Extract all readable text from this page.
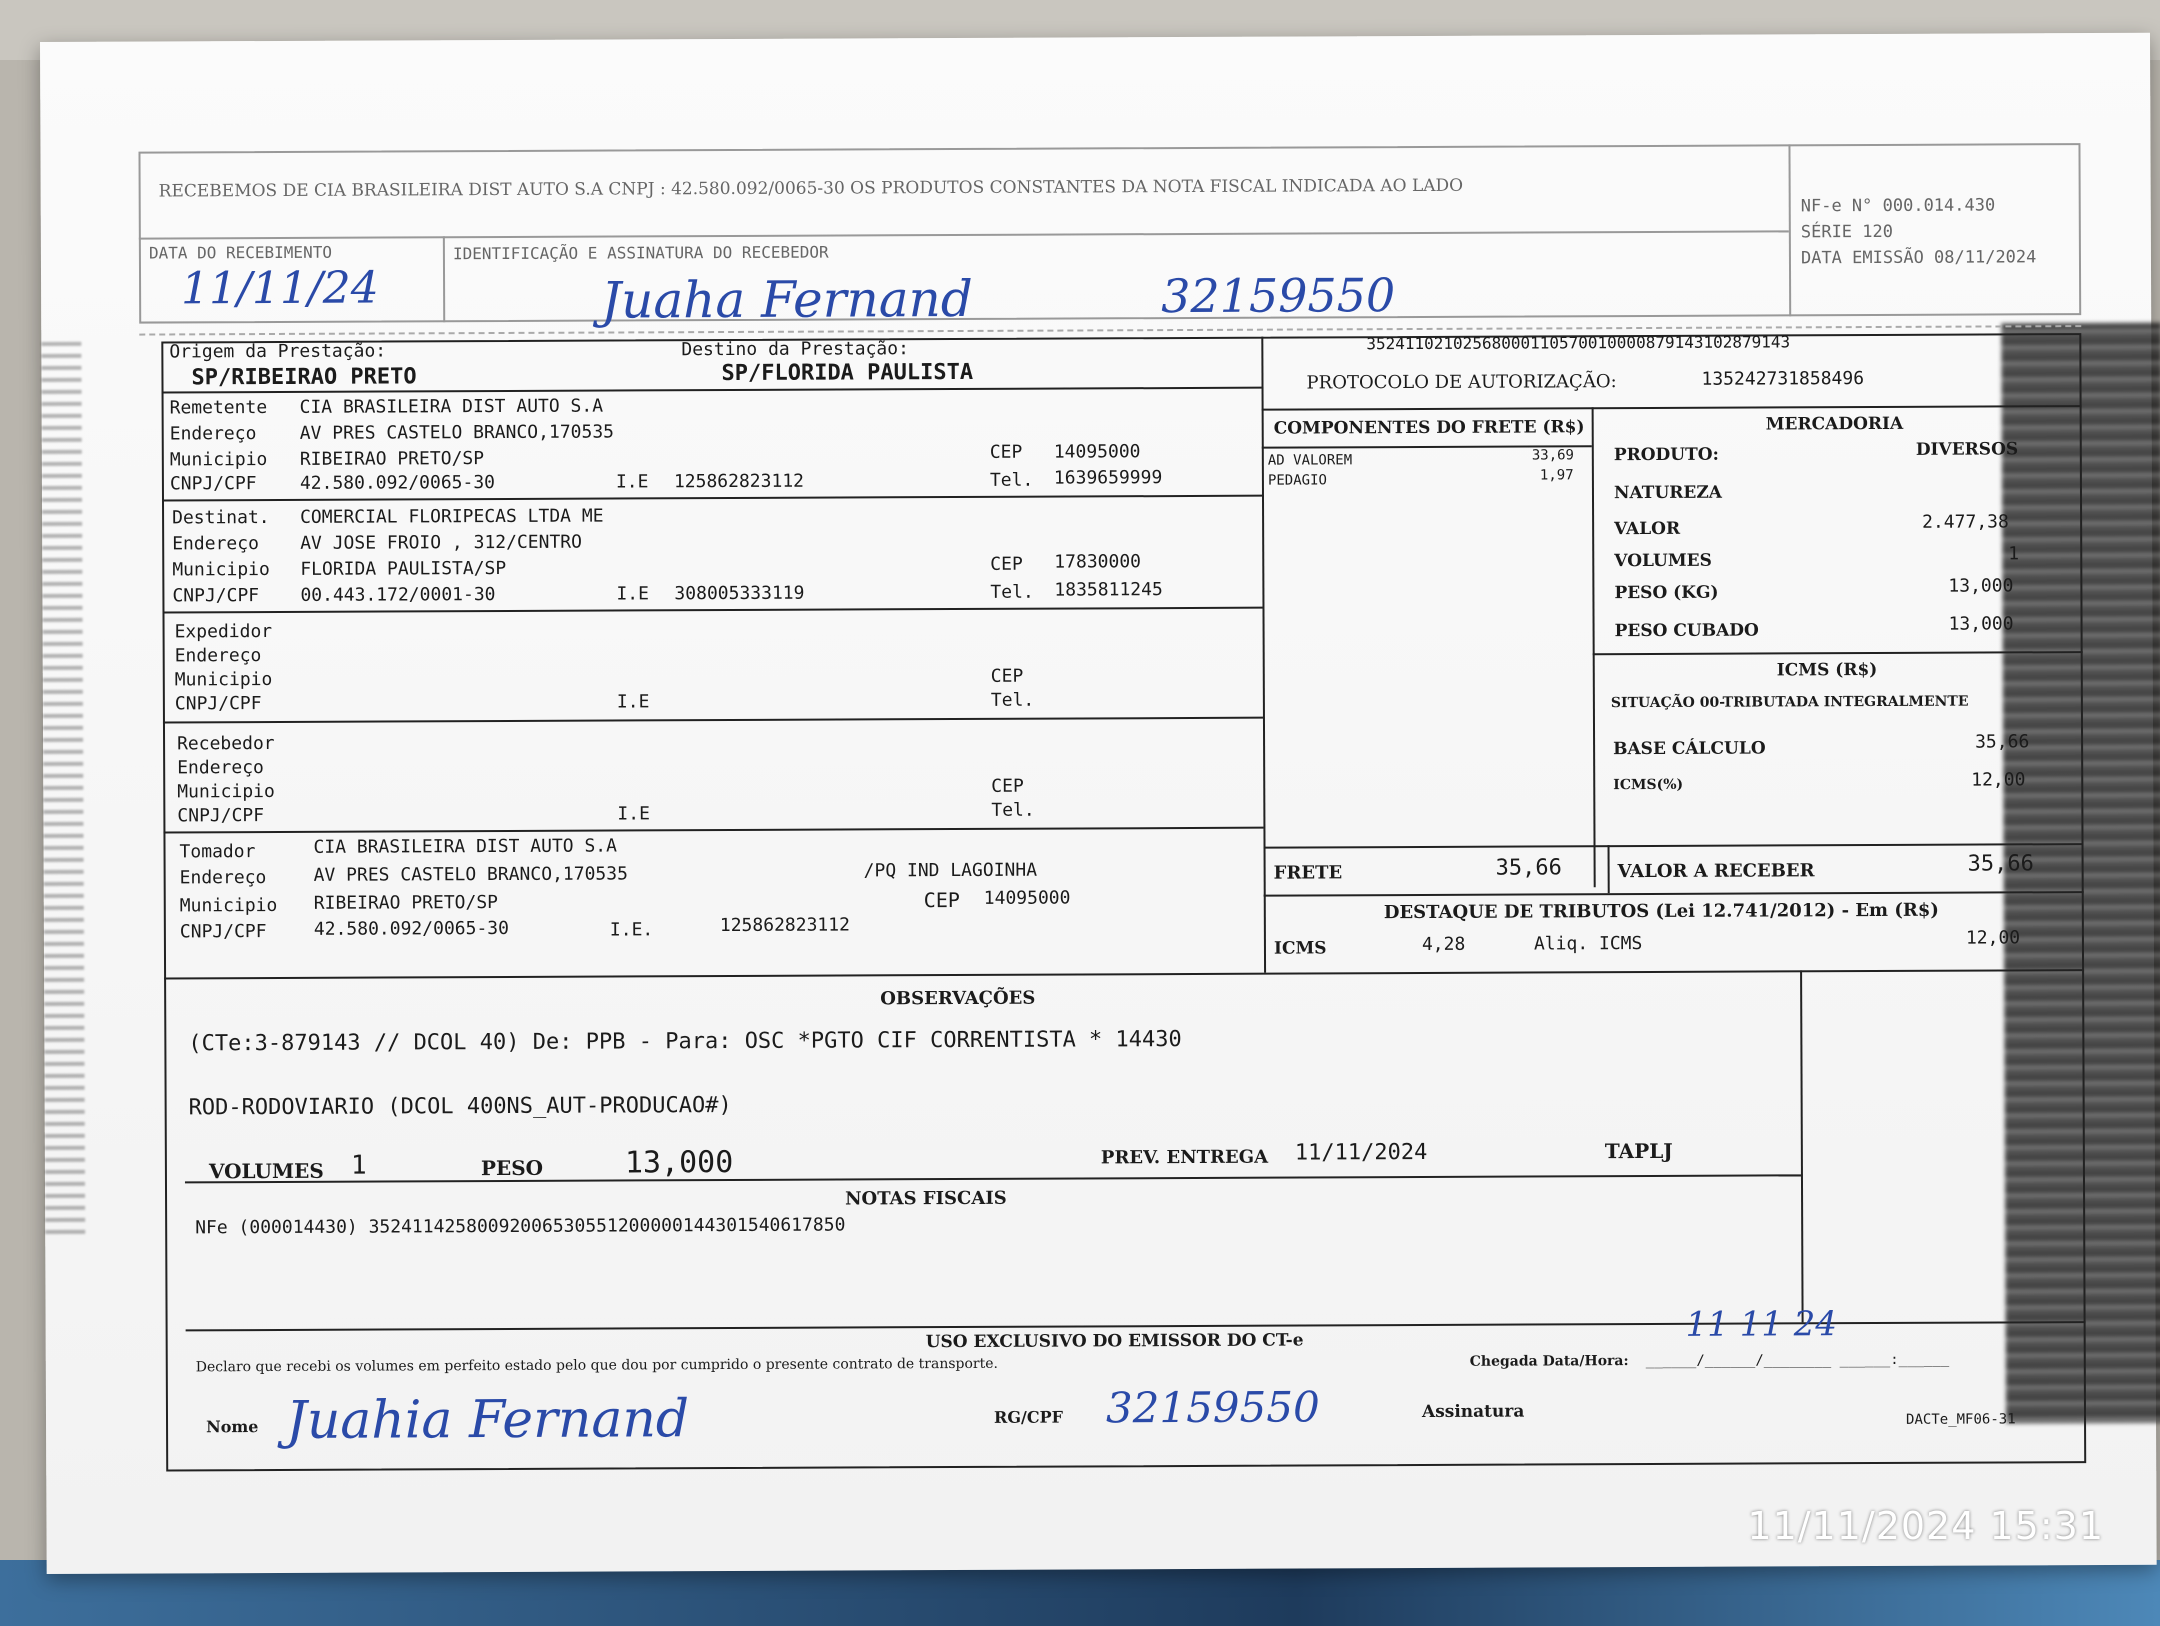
RECEBEMOS DE CIA BRASILEIRA DIST AUTO S.A CNPJ : 42.580.092/0065-30 OS PRODUTOS CONSTANTES DA NOTA FISCAL INDICADA AO LADO
DATA DO RECEBIMENTO
11/11/24
IDENTIFICAÇÃO E ASSINATURA DO RECEBEDOR
Juaha Fernand	32159550
NF-e N° 000.014.430
SÉRIE 120
DATA EMISSÃO 08/11/2024
Origem da Prestação:
SP/RIBEIRAO PRETO
Destino da Prestação:
SP/FLORIDA PAULISTA
35241102102568000110570010000879143102879143
PROTOCOLO DE AUTORIZAÇÃO:	135242731858496
Remetente CIA BRASILEIRA DIST AUTO S.A
Endereço AV PRES CASTELO BRANCO,170535
Municipio RIBEIRAO PRETO/SP	CEP 14095000
CNPJ/CPF 42.580.092/0065-30	I.E 125862823112	Tel. 1639659999
Destinat. COMERCIAL FLORIPECAS LTDA ME
Endereço AV JOSE FROIO , 312/CENTRO
Municipio FLORIDA PAULISTA/SP	CEP 17830000
CNPJ/CPF 00.443.172/0001-30	I.E 308005333119	Tel. 1835811245
Expedidor
Endereço
Municipio	CEP
CNPJ/CPF	I.E	Tel.
Recebedor
Endereço
Municipio	CEP
CNPJ/CPF	I.E	Tel.
Tomador	CIA BRASILEIRA DIST AUTO S.A
Endereço	AV PRES CASTELO BRANCO,170535	/PQ IND LAGOINHA
Municipio RIBEIRAO PRETO/SP	CEP 14095000
CNPJ/CPF	42.580.092/0065-30	I.E.	125862823112
COMPONENTES DO FRETE (R$)
AD VALOREM	33,69
PEDAGIO	1,97
FRETE	35,66
MERCADORIA
PRODUTO:	DIVERSOS
NATUREZA
VALOR	2.477,38
VOLUMES	1
PESO (KG)	13,000
PESO CUBADO	13,000
ICMS (R$)
SITUAÇÃO 00-TRIBUTADA INTEGRALMENTE
BASE CÁLCULO	35,66
ICMS(%)	12,00
VALOR A RECEBER	35,66
DESTAQUE DE TRIBUTOS (Lei 12.741/2012) - Em (R$)
ICMS	4,28	Aliq. ICMS	12,00
OBSERVAÇÕES
(CTe:3-879143 // DCOL 40) De: PPB - Para: OSC *PGTO CIF CORRENTISTA * 14430
ROD-RODOVIARIO (DCOL 400NS_AUT-PRODUCAO#)
VOLUMES 1	PESO	13,000	PREV. ENTREGA 11/11/2024	TAPLJ
NOTAS FISCAIS
NFe (000014430) 35241142580092006530551200000144301540617850
USO EXCLUSIVO DO EMISSOR DO CT-e
Declaro que recebi os volumes em perfeito estado pelo que dou por cumprido o presente contrato de transporte.	Chegada Data/Hora: ______/______/________ ______:______
11 11 24
Nome Juahia Fernand	RG/CPF 32159550	Assinatura	DACTe_MF06-31
11/11/2024 15:31
